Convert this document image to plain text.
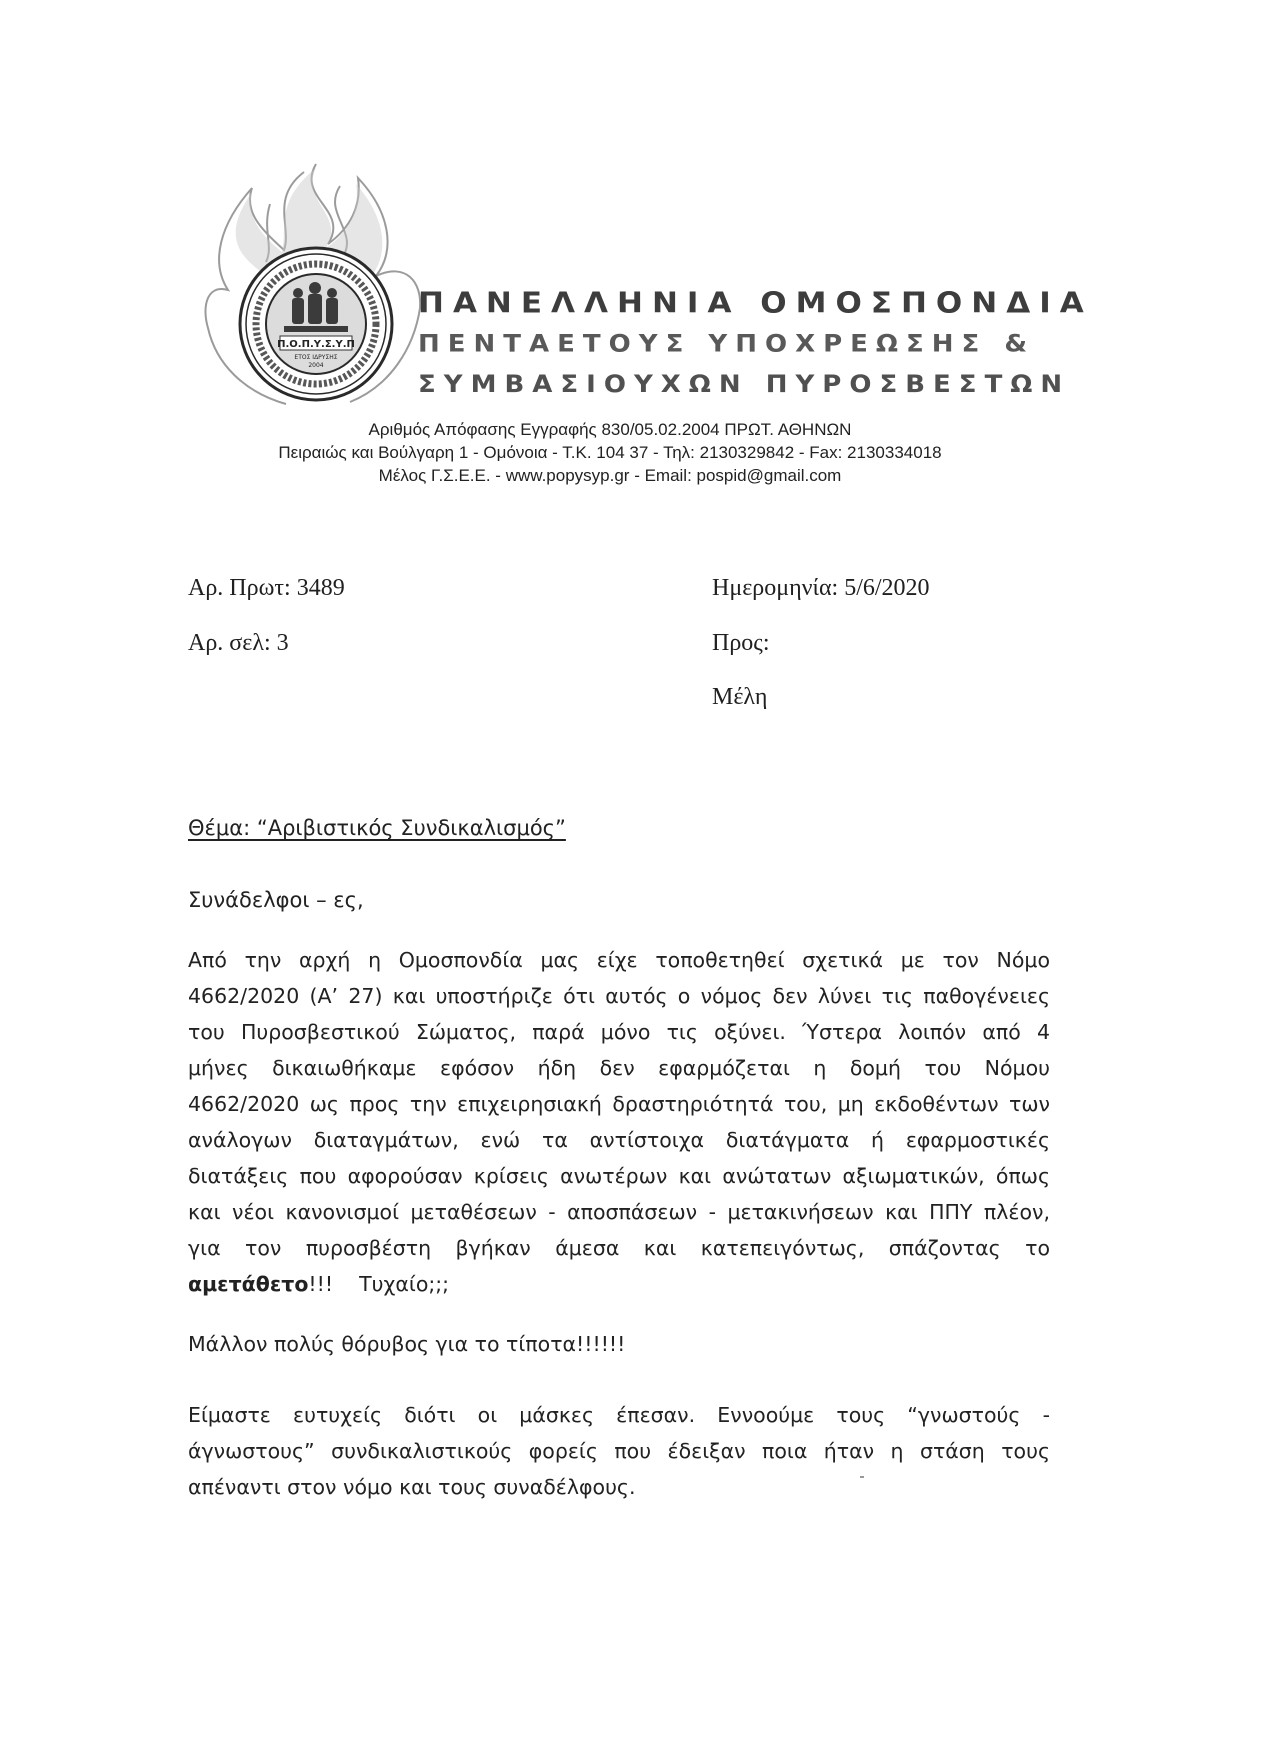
Π.Ο.Π.Υ.Σ.Υ.Π
ΕΤΟΣ ΙΔΡΥΣΗΣ
2004
ΠΑΝΕΛΛΗΝΙΑ ΟΜΟΣΠΟΝΔΙΑ
ΠΕΝΤΑΕΤΟΥΣ ΥΠΟΧΡΕΩΣΗΣ &
ΣΥΜΒΑΣΙΟΥΧΩΝ ΠΥΡΟΣΒΕΣΤΩΝ
Αριθμός Απόφασης Εγγραφής 830/05.02.2004 ΠΡΩΤ. ΑΘΗΝΩΝ
Πειραιώς και Βούλγαρη 1 - Ομόνοια - Τ.Κ. 104 37 - Τηλ: 2130329842 - Fax: 2130334018
Μέλος Γ.Σ.Ε.Ε. - www.popysyp.gr - Email: pospid@gmail.com
Αρ. Πρωτ: 3489
Αρ. σελ: 3
Ημερομηνία: 5/6/2020
Προς:
Μέλη
Θέμα: “Αριβιστικός Συνδικαλισμός”
Συνάδελφοι – ες,
Από την αρχή η Ομοσπονδία μας είχε τοποθετηθεί σχετικά με τον Νόμο
4662/2020 (Α’ 27) και υποστήριζε ότι αυτός ο νόμος δεν λύνει τις παθογένειες
του Πυροσβεστικού Σώματος, παρά μόνο τις οξύνει. Ύστερα λοιπόν από 4
μήνες δικαιωθήκαμε εφόσον ήδη δεν εφαρμόζεται η δομή του Νόμου
4662/2020 ως προς την επιχειρησιακή δραστηριότητά του, μη εκδοθέντων των
ανάλογων διαταγμάτων, ενώ τα αντίστοιχα διατάγματα ή εφαρμοστικές
διατάξεις που αφορούσαν κρίσεις ανωτέρων και ανώτατων αξιωματικών, όπως
και νέοι κανονισμοί μεταθέσεων - αποσπάσεων - μετακινήσεων και ΠΠΥ πλέον,
για τον πυροσβέστη βγήκαν άμεσα και κατεπειγόντως, σπάζοντας το
αμετάθετο!!!    Τυχαίο;;;
Μάλλον πολύς θόρυβος για το τίποτα!!!!!!
Είμαστε ευτυχείς διότι οι μάσκες έπεσαν. Εννοούμε τους “γνωστούς -
άγνωστους” συνδικαλιστικούς φορείς που έδειξαν ποια ήταν η στάση τους
απέναντι στον νόμο και τους συναδέλφους.
